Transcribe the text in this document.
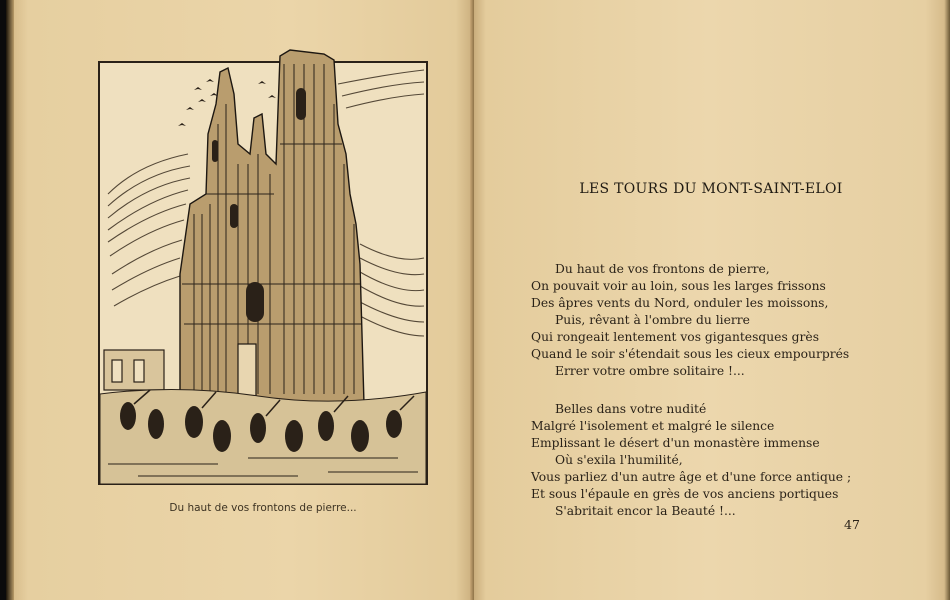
Du haut de vos frontons de pierre...
LES TOURS DU MONT-SAINT-ELOI
Du haut de vos frontons de pierre,
On pouvait voir au loin, sous les larges frissons
Des âpres vents du Nord, onduler les moissons,
Puis, rêvant à l'ombre du lierre
Qui rongeait lentement vos gigantesques grès
Quand le soir s'étendait sous les cieux empourprés
Errer votre ombre solitaire !...
Belles dans votre nudité
Malgré l'isolement et malgré le silence
Emplissant le désert d'un monastère immense
Où s'exila l'humilité,
Vous parliez d'un autre âge et d'une force antique ;
Et sous l'épaule en grès de vos anciens portiques
S'abritait encor la Beauté !...
47
